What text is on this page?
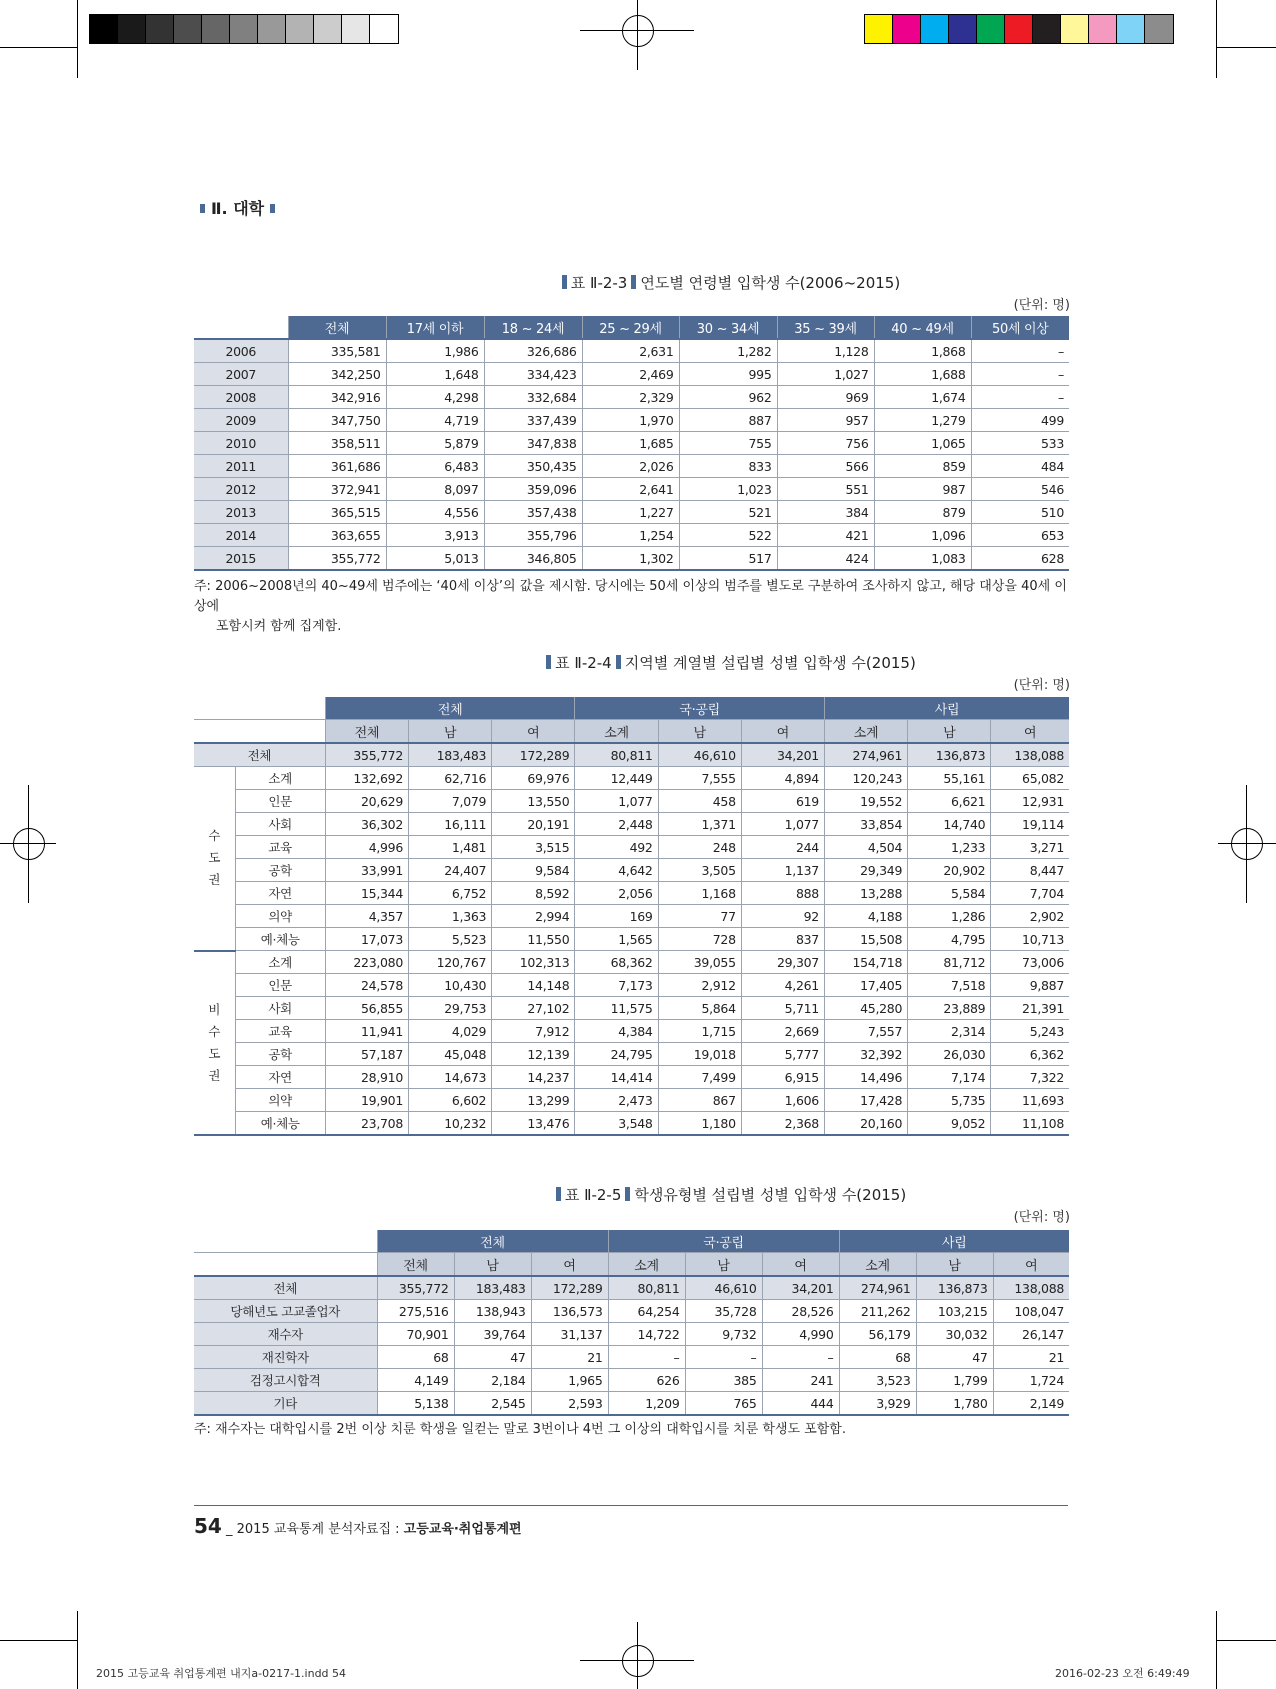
Ⅱ. 대학
표 Ⅱ-2-3 연도별 연령별 입학생 수(2006~2015)
(단위: 명)
	전체	17세 이하	18 ~ 24세	25 ~ 29세	30 ~ 34세	35 ~ 39세	40 ~ 49세	50세 이상
2006	335,581	1,986	326,686	2,631	1,282	1,128	1,868	–
2007	342,250	1,648	334,423	2,469	995	1,027	1,688	–
2008	342,916	4,298	332,684	2,329	962	969	1,674	–
2009	347,750	4,719	337,439	1,970	887	957	1,279	499
2010	358,511	5,879	347,838	1,685	755	756	1,065	533
2011	361,686	6,483	350,435	2,026	833	566	859	484
2012	372,941	8,097	359,096	2,641	1,023	551	987	546
2013	365,515	4,556	357,438	1,227	521	384	879	510
2014	363,655	3,913	355,796	1,254	522	421	1,096	653
2015	355,772	5,013	346,805	1,302	517	424	1,083	628
주: 2006~2008년의 40~49세 범주에는 ‘40세 이상’의 값을 제시함. 당시에는 50세 이상의 범주를 별도로 구분하여 조사하지 않고, 해당 대상을 40세 이상에
포함시켜 함께 집계함.
표 Ⅱ-2-4 지역별 계열별 설립별 성별 입학생 수(2015)
(단위: 명)
		전체			국·공립			사립		
		전체	남	여	소계	남	여	소계	남	여
전체		355,772	183,483	172,289	80,811	46,610	34,201	274,961	136,873	138,088

수
도
권	소계	132,692	62,716	69,976	12,449	7,555	4,894	120,243	55,161	65,082
	인문	20,629	7,079	13,550	1,077	458	619	19,552	6,621	12,931
	사회	36,302	16,111	20,191	2,448	1,371	1,077	33,854	14,740	19,114
	교육	4,996	1,481	3,515	492	248	244	4,504	1,233	3,271
	공학	33,991	24,407	9,584	4,642	3,505	1,137	29,349	20,902	8,447
	자연	15,344	6,752	8,592	2,056	1,168	888	13,288	5,584	7,704
	의약	4,357	1,363	2,994	169	77	92	4,188	1,286	2,902
	예·체능	17,073	5,523	11,550	1,565	728	837	15,508	4,795	10,713

비
수
도
권	소계	223,080	120,767	102,313	68,362	39,055	29,307	154,718	81,712	73,006
	인문	24,578	10,430	14,148	7,173	2,912	4,261	17,405	7,518	9,887
	사회	56,855	29,753	27,102	11,575	5,864	5,711	45,280	23,889	21,391
	교육	11,941	4,029	7,912	4,384	1,715	2,669	7,557	2,314	5,243
	공학	57,187	45,048	12,139	24,795	19,018	5,777	32,392	26,030	6,362
	자연	28,910	14,673	14,237	14,414	7,499	6,915	14,496	7,174	7,322
	의약	19,901	6,602	13,299	2,473	867	1,606	17,428	5,735	11,693
	예·체능	23,708	10,232	13,476	3,548	1,180	2,368	20,160	9,052	11,108
표 Ⅱ-2-5 학생유형별 설립별 성별 입학생 수(2015)
(단위: 명)
	전체			국·공립			사립		
	전체	남	여	소계	남	여	소계	남	여
전체	355,772	183,483	172,289	80,811	46,610	34,201	274,961	136,873	138,088
당해년도 고교졸업자	275,516	138,943	136,573	64,254	35,728	28,526	211,262	103,215	108,047
재수자	70,901	39,764	31,137	14,722	9,732	4,990	56,179	30,032	26,147
재진학자	68	47	21	–	–	–	68	47	21
검정고시합격	4,149	2,184	1,965	626	385	241	3,523	1,799	1,724
기타	5,138	2,545	2,593	1,209	765	444	3,929	1,780	2,149
주: 재수자는 대학입시를 2번 이상 치룬 학생을 일컫는 말로 3번이나 4번 그 이상의 대학입시를 치룬 학생도 포함함.
54 _ 2015 교육통계 분석자료집 : 고등교육·취업통계편
2015 고등교육 취업통계편 내지a-0217-1.indd 54	2016-02-23 오전 6:49:49
